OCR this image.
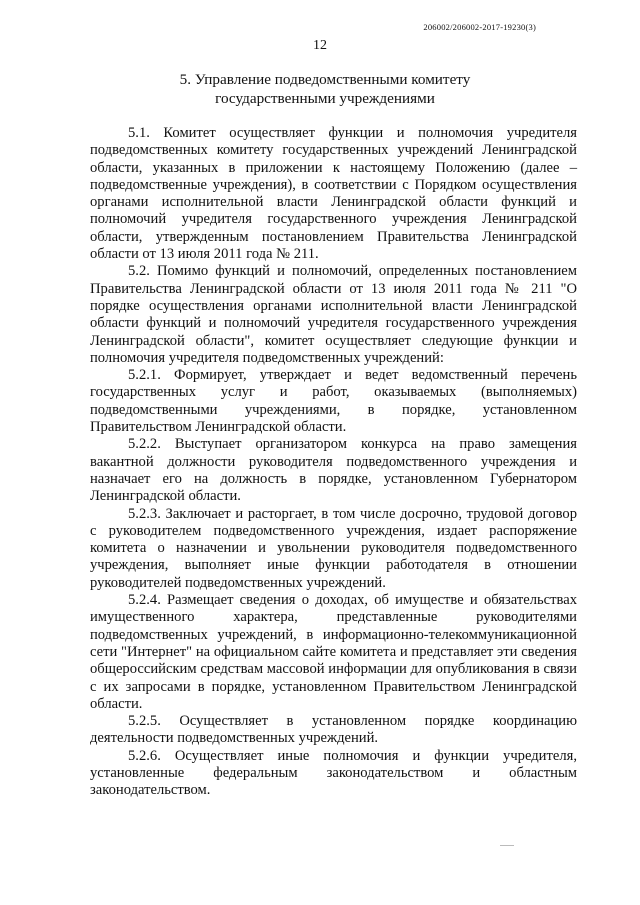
206002/206002-2017-19230(3)
12
5. Управление подведомственными комитету
государственными учреждениями

5.1. Комитет осуществляет функции и полномочия учредителя подведомственных комитету государственных учреждений Ленинградской области, указанных в приложении к настоящему Положению (далее – подведомственные учреждения), в соответствии с Порядком осуществления органами исполнительной власти Ленинградской области функций и полномочий учредителя государственного учреждения Ленинградской области, утвержденным постановлением Правительства Ленинградской области от 13 июля 2011 года № 211.

5.2. Помимо функций и полномочий, определенных постановлением Правительства Ленинградской области от 13 июля 2011 года № 211 "О порядке осуществления органами исполнительной власти Ленинградской области функций и полномочий учредителя государственного учреждения Ленинградской области", комитет осуществляет следующие функции и полномочия учредителя подведомственных учреждений:

5.2.1. Формирует, утверждает и ведет ведомственный перечень государственных услуг и работ, оказываемых (выполняемых) подведомственными учреждениями, в порядке, установленном Правительством Ленинградской области.

5.2.2. Выступает организатором конкурса на право замещения вакантной должности руководителя подведомственного учреждения и назначает его на должность в порядке, установленном Губернатором Ленинградской области.

5.2.3. Заключает и расторгает, в том числе досрочно, трудовой договор с руководителем подведомственного учреждения, издает распоряжение комитета о назначении и увольнении руководителя подведомственного учреждения, выполняет иные функции работодателя в отношении руководителей подведомственных учреждений.

5.2.4. Размещает сведения о доходах, об имуществе и обязательствах имущественного характера, представленные руководителями подведомственных учреждений, в информационно-телекоммуникационной сети "Интернет" на официальном сайте комитета и представляет эти сведения общероссийским средствам массовой информации для опубликования в связи с их запросами в порядке, установленном Правительством Ленинградской области.

5.2.5. Осуществляет в установленном порядке координацию деятельности подведомственных учреждений.

5.2.6. Осуществляет иные полномочия и функции учредителя, установленные федеральным законодательством и областным законодательством.
